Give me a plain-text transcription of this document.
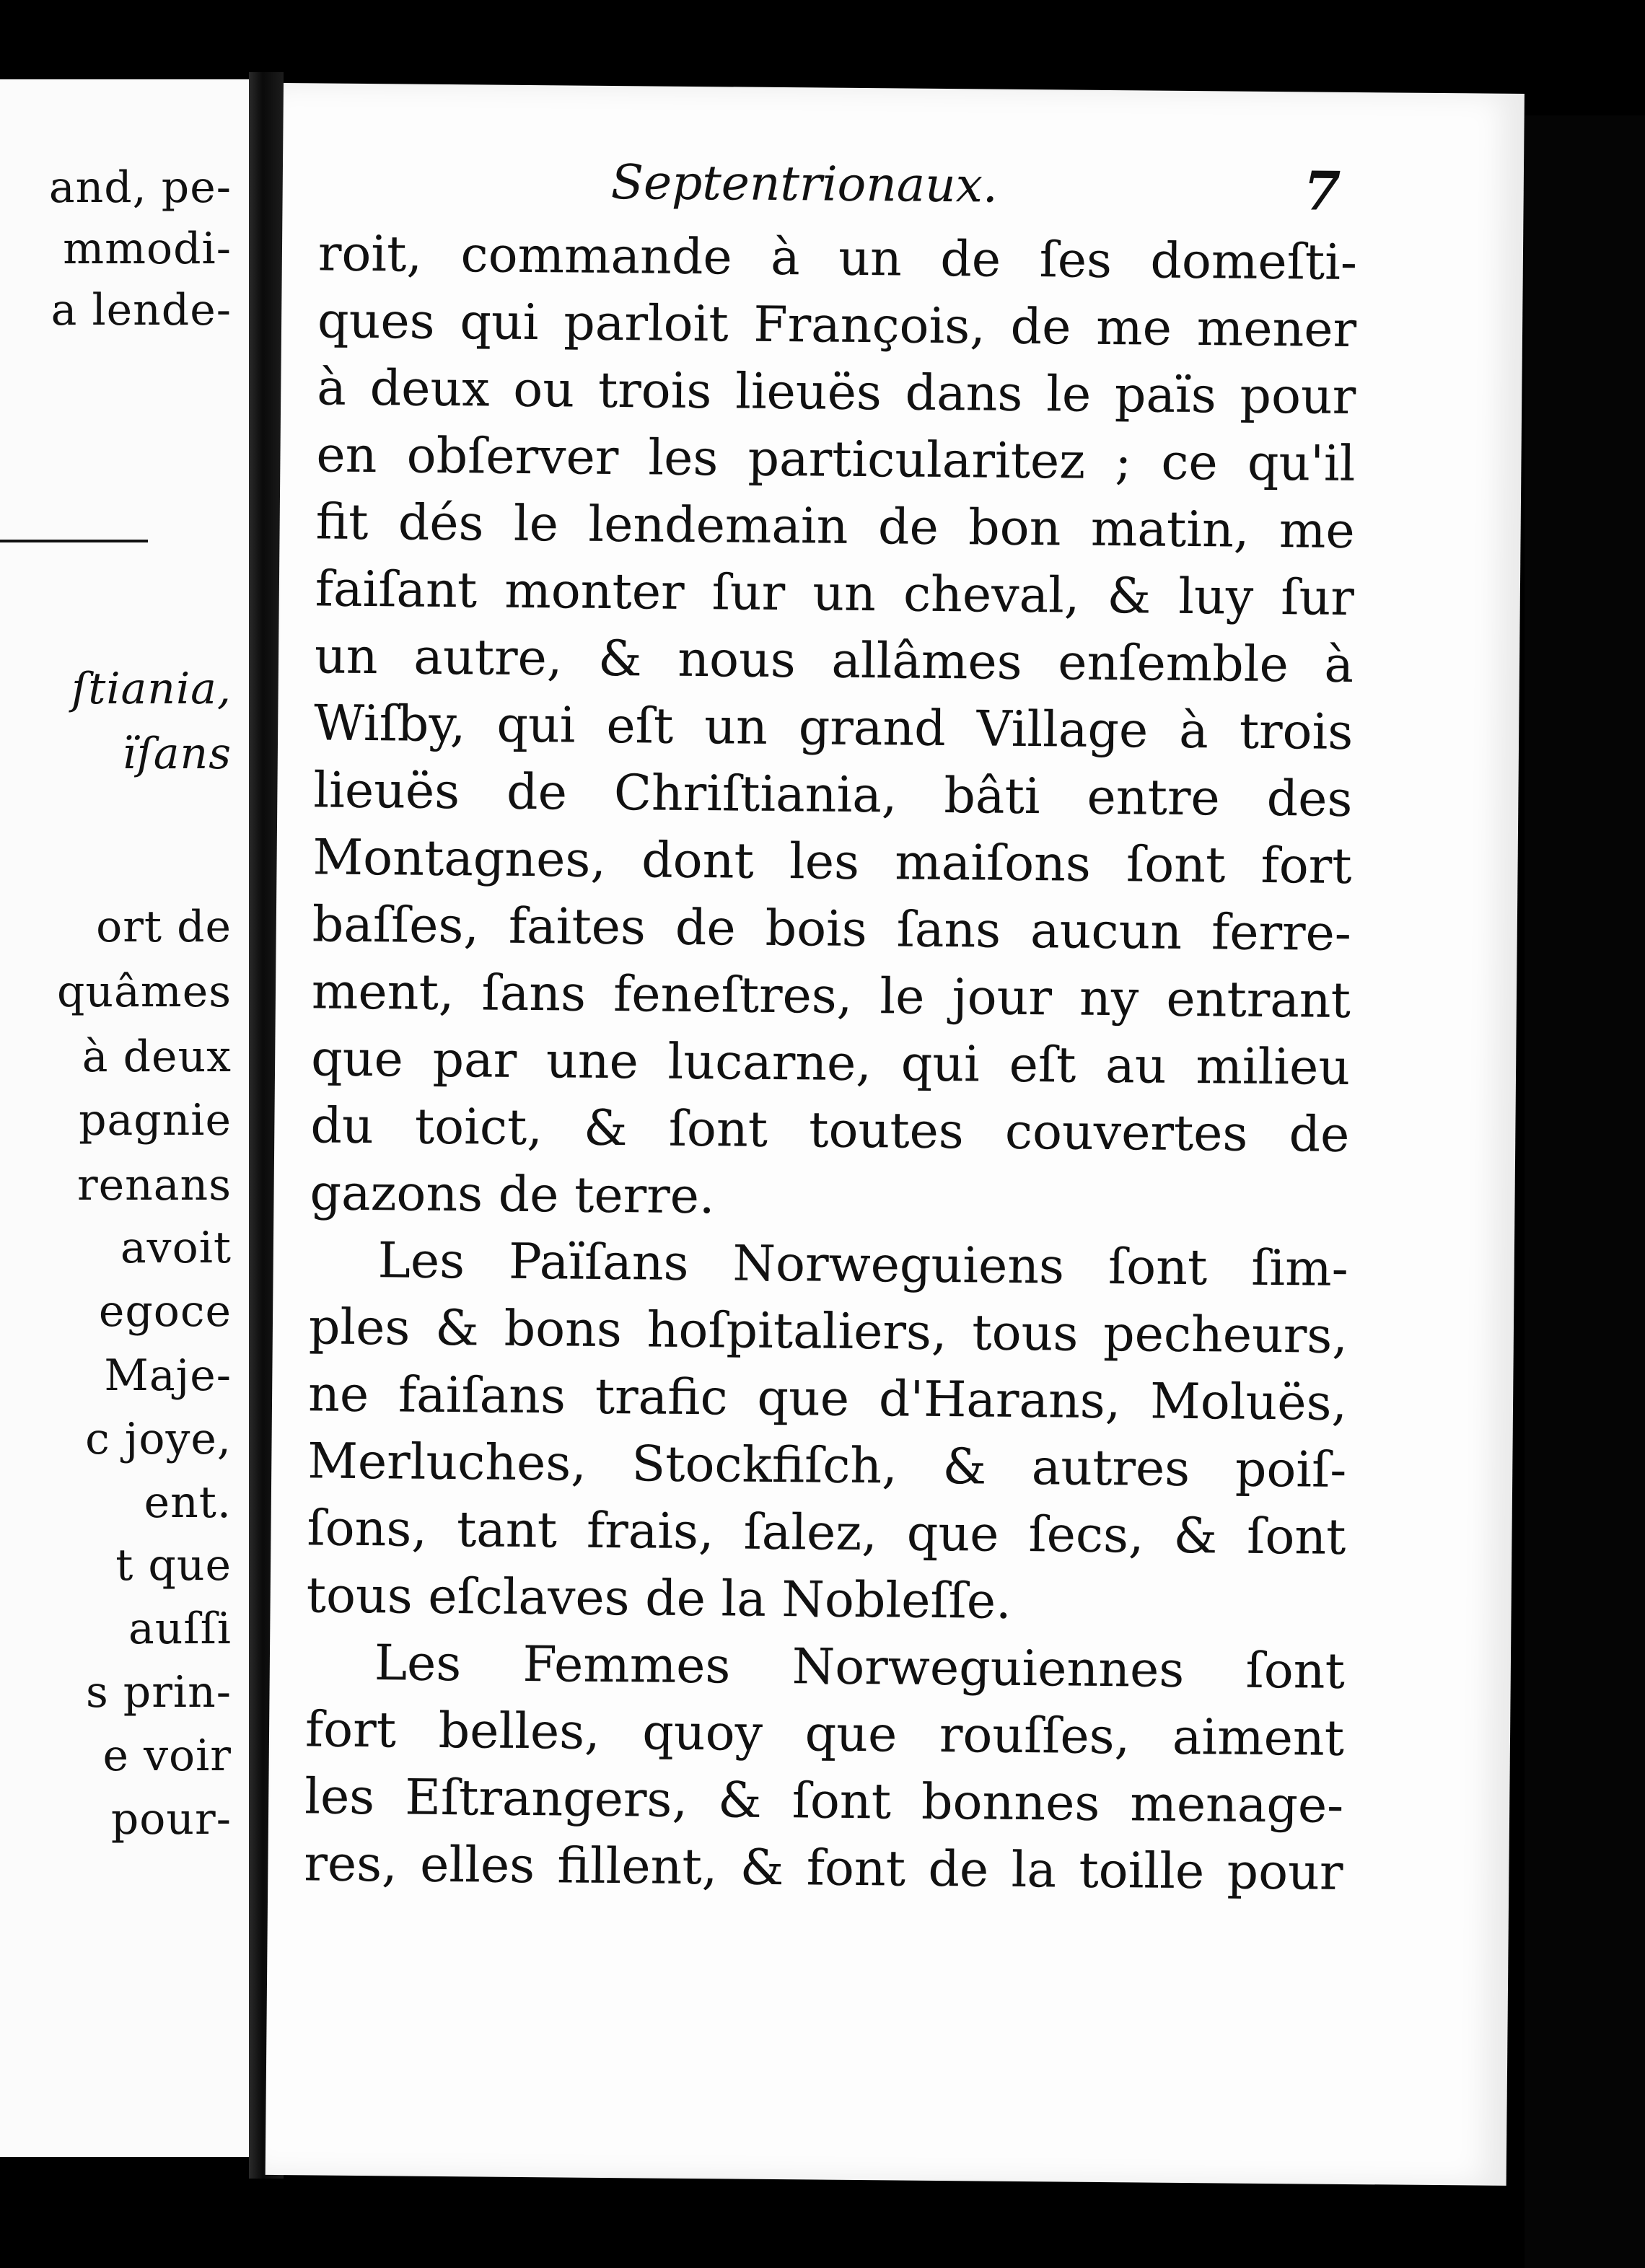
and, pe-
mmodi-
a lende-
ſtiania,
ïſans
ort de
quâmes
à deux
pagnie
renans
avoit
egoce
Maje-
c joye,
ent.
t que
auſſi
s prin-
e voir
pour-
Septentrionaux.	7
roit, commande à un de ſes domeſti-
ques qui parloit François, de me mener
à deux ou trois lieuës dans le païs pour
en obſerver les particularitez ; ce qu'il
fit dés le lendemain de bon matin, me
faiſant monter ſur un cheval, & luy ſur
un autre, & nous allâmes enſemble à
Wiſby, qui eſt un grand Village à trois
lieuës de Chriſtiania, bâti entre des
Montagnes, dont les maiſons ſont fort
baſſes, faites de bois ſans aucun ferre-
ment, ſans feneſtres, le jour ny entrant
que par une lucarne, qui eſt au milieu
du toict, & ſont toutes couvertes de
gazons de terre.
Les Païſans Norweguiens ſont ſim-
ples & bons hoſpitaliers, tous pecheurs,
ne faiſans trafic que d'Harans, Moluës,
Merluches, Stockfiſch, & autres poiſ-
ſons, tant frais, ſalez, que ſecs, & ſont
tous eſclaves de la Nobleſſe.
Les Femmes Norweguiennes ſont
fort belles, quoy que rouſſes, aiment
les Eſtrangers, & ſont bonnes menage-
res, elles fillent, & font de la toille pour
